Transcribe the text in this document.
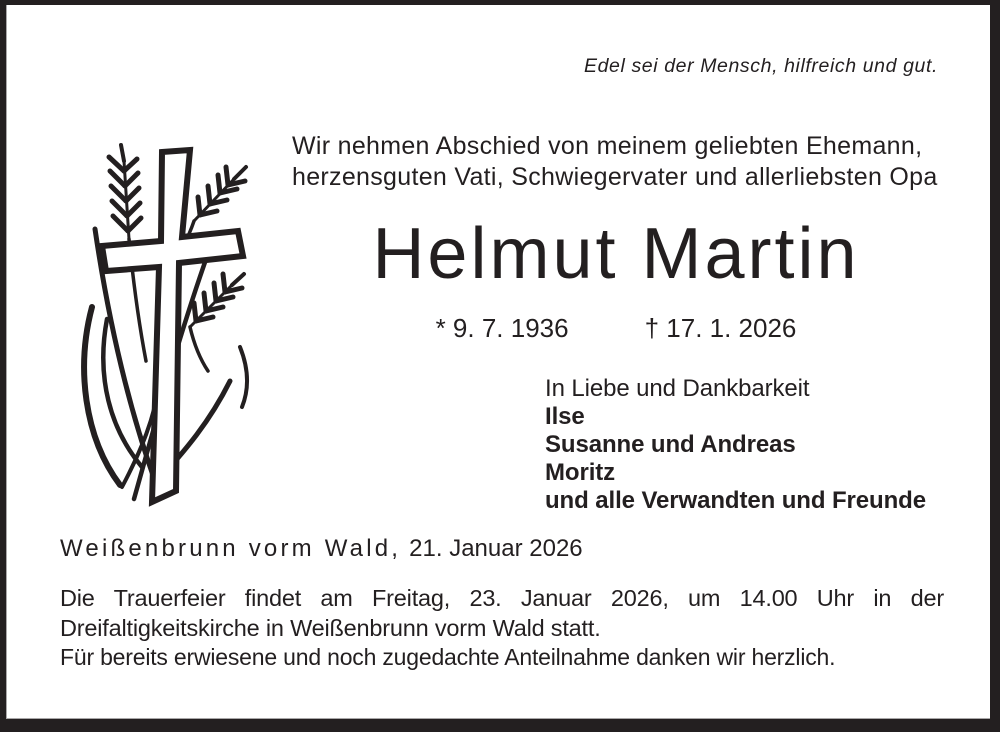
Edel sei der Mensch, hilfreich und gut.
Wir nehmen Abschied von meinem geliebten Ehemann,
herzensguten Vati, Schwiegervater und allerliebsten Opa
Helmut Martin
* 9. 7. 1936	† 17. 1. 2026
In Liebe und Dankbarkeit
Ilse
Susanne und Andreas
Moritz
und alle Verwandten und Freunde
Weißenbrunn vorm Wald, 21. Januar 2026
Die Trauerfeier findet am Freitag, 23. Januar 2026, um 14.00 Uhr in der
Dreifaltigkeitskirche in Weißenbrunn vorm Wald statt.
Für bereits erwiesene und noch zugedachte Anteilnahme danken wir herzlich.
